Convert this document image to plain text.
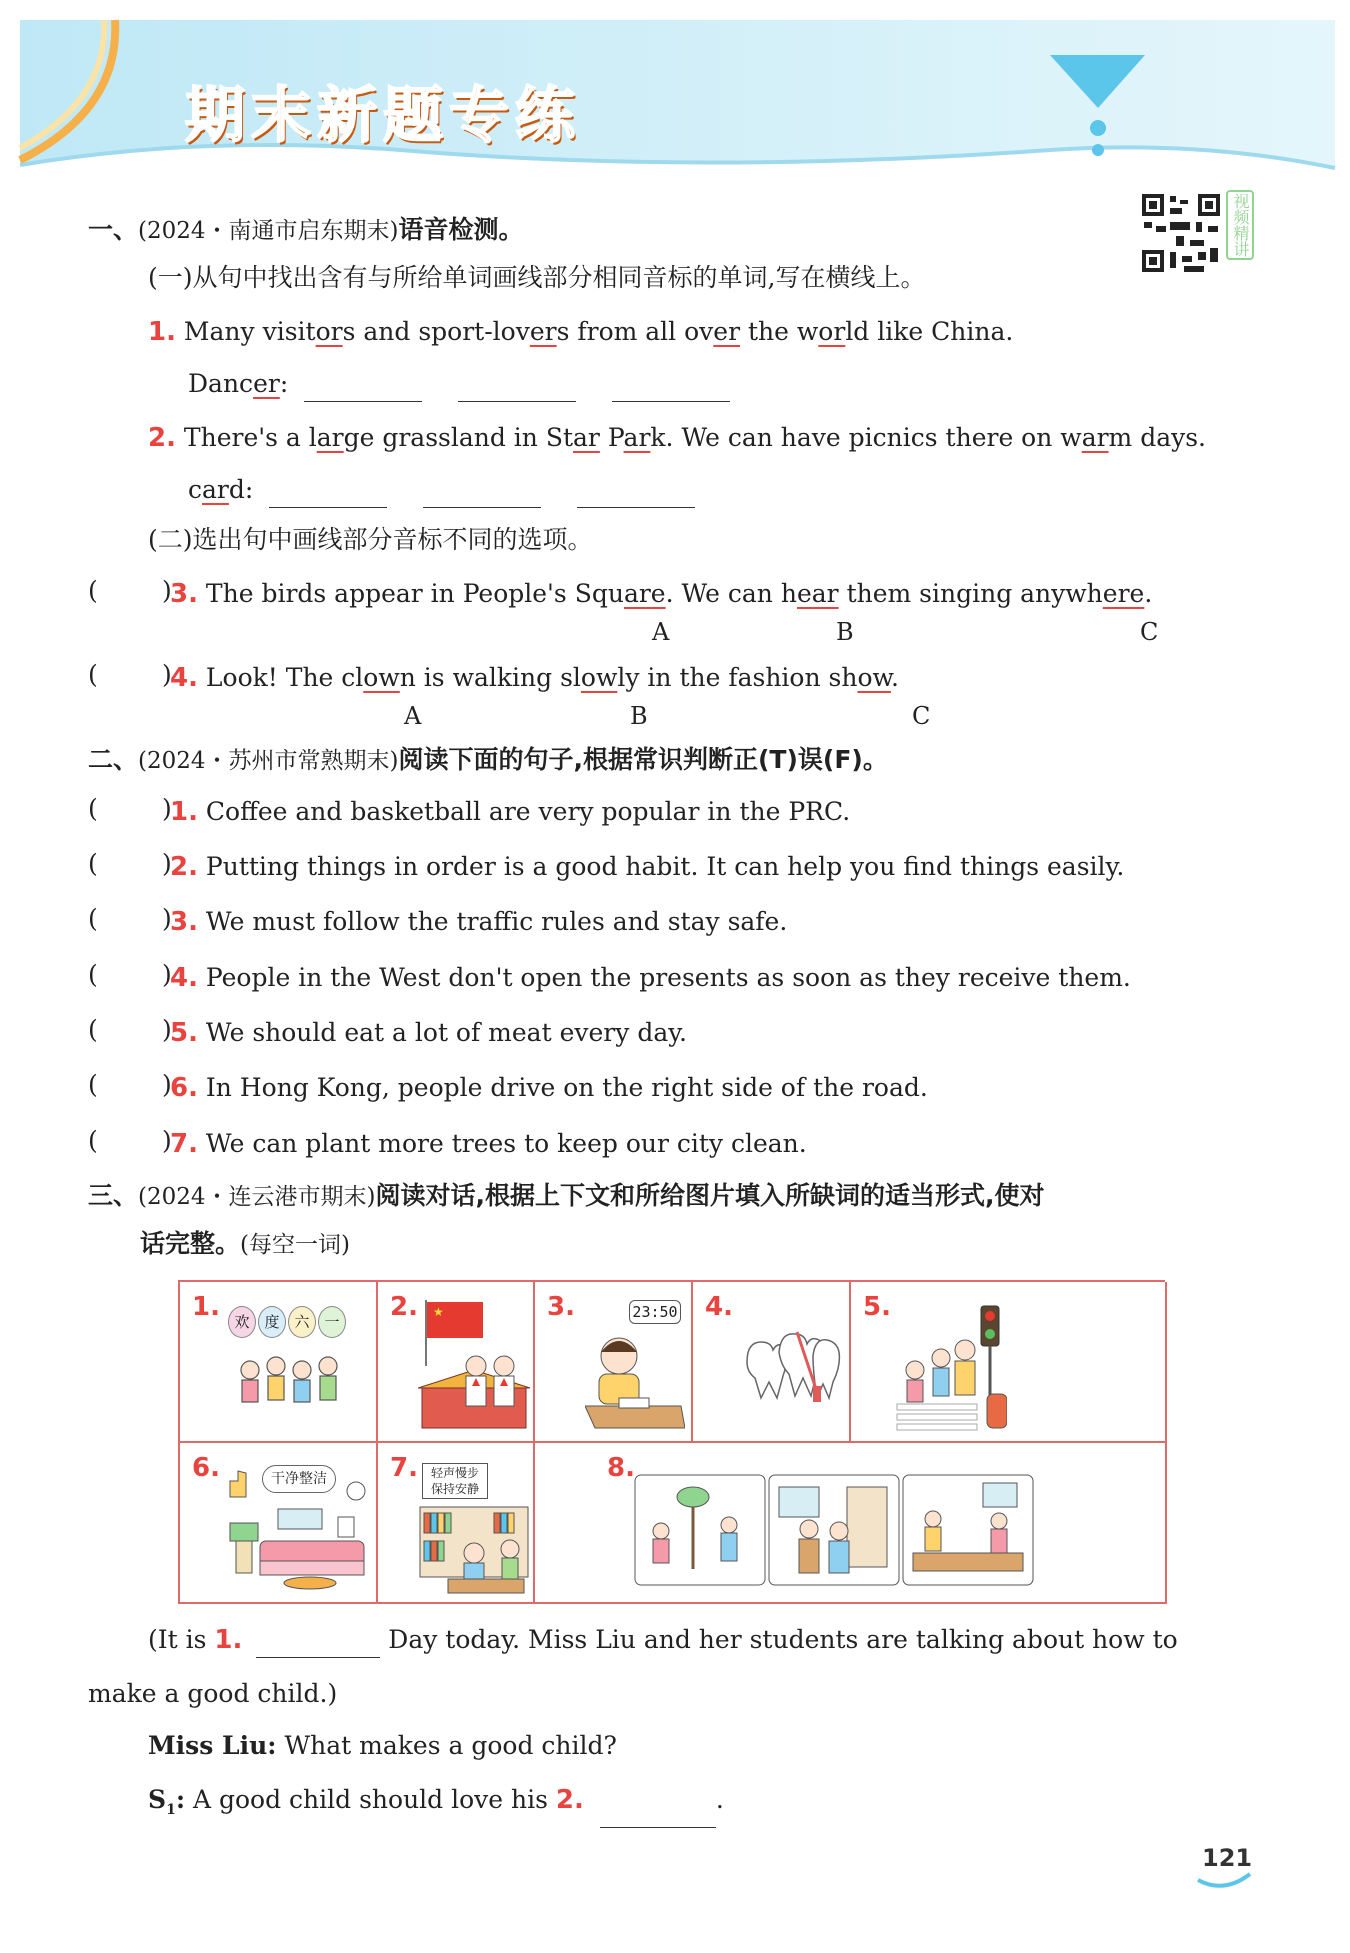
期末新题专练
视频精讲
一、(2024・南通市启东期末)语音检测。
(一)从句中找出含有与所给单词画线部分相同音标的单词,写在横线上。
1. Many visitors and sport-lovers from all over the world like China.
Dancer:
2. There's a large grassland in Star Park. We can have picnics there on warm days.
card:
(二)选出句中画线部分音标不同的选项。
(	)
3. The birds appear in People's Square. We can hear them singing anywhere.
A	B	C
(	)
4. Look! The clown is walking slowly in the fashion show.
A	B	C
二、(2024・苏州市常熟期末)阅读下面的句子,根据常识判断正(T)误(F)。
(	)
1. Coffee and basketball are very popular in the PRC.
(	)
2. Putting things in order is a good habit. It can help you find things easily.
(	)
3. We must follow the traffic rules and stay safe.
(	)
4. People in the West don't open the presents as soon as they receive them.
(	)
5. We should eat a lot of meat every day.
(	)
6. In Hong Kong, people drive on the right side of the road.
(	)
7. We can plant more trees to keep our city clean.
三、(2024・连云港市期末)阅读对话,根据上下文和所给图片填入所缺词的适当形式,使对
话完整。(每空一词)
1. 欢 度 六 一 2. ★	3.	23:50 4.	5.
6.	干净整洁	7.	轻声慢步
保持安静
8.
(It is 1.	Day today. Miss Liu and her students are talking about how to
make a good child.)
Miss Liu: What makes a good child?
$S_1$: A good child should love his 2.	.
121
